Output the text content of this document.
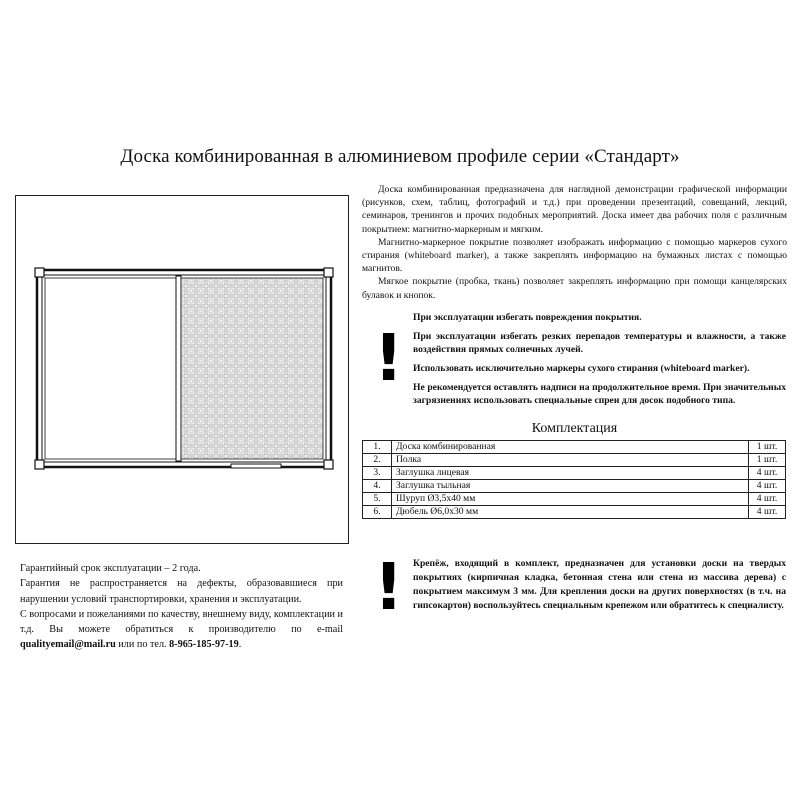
Доска комбинированная в алюминиевом профиле серии «Стандарт»

Доска комбинированная предназначена для наглядной демонстрации графической информации (рисунков, схем, таблиц, фотографий и т.д.) при проведении презентаций, совещаний, лекций, семинаров, тренингов и прочих подобных мероприятий. Доска имеет два рабочих поля с различным покрытием: магнитно-маркерным и мягким.

Магнитно-маркерное покрытие позволяет изображать информацию с помощью маркеров сухого стирания (whiteboard marker), а также закреплять информацию на бумажных листах с помощью магнитов.

Мягкое покрытие (пробка, ткань) позволяет закреплять информацию при помощи канцелярских булавок и кнопок.

!

При эксплуатации избегать повреждения покрытия.

При эксплуатации избегать резких перепадов температуры и влажности, а также воздействия прямых солнечных лучей.

Использовать исключительно маркеры сухого стирания (whiteboard marker).

Не рекомендуется оставлять надписи на продолжительное время. При значительных загрязнениях использовать специальные спреи для досок подобного типа.

Комплектация
1.	Доска комбинированная	1 шт.
2.	Полка	1 шт.
3.	Заглушка лицевая	4 шт.
4.	Заглушка тыльная	4 шт.
5.	Шуруп Ø3,5х40 мм	4 шт.
6.	Дюбель Ø6,0х30 мм	4 шт.

Гарантийный срок эксплуатации – 2 года.

Гарантия не распространяется на дефекты, образовавшиеся при нарушении условий транспортировки, хранения и эксплуатации.

С вопросами и пожеланиями по качеству, внешнему виду, комплектации и т.д. Вы можете обратиться к производителю по e-mail qualityemail@mail.ru или по тел. 8-965-185-97-19.

! Крепёж, входящий в комплект, предназначен для установки доски на твердых покрытиях (кирпичная кладка, бетонная стена или стена из массива дерева) с покрытием максимум 3 мм. Для крепления доски на других поверхностях (в т.ч. на гипсокартон) воспользуйтесь специальным крепежом или обратитесь к специалисту.
